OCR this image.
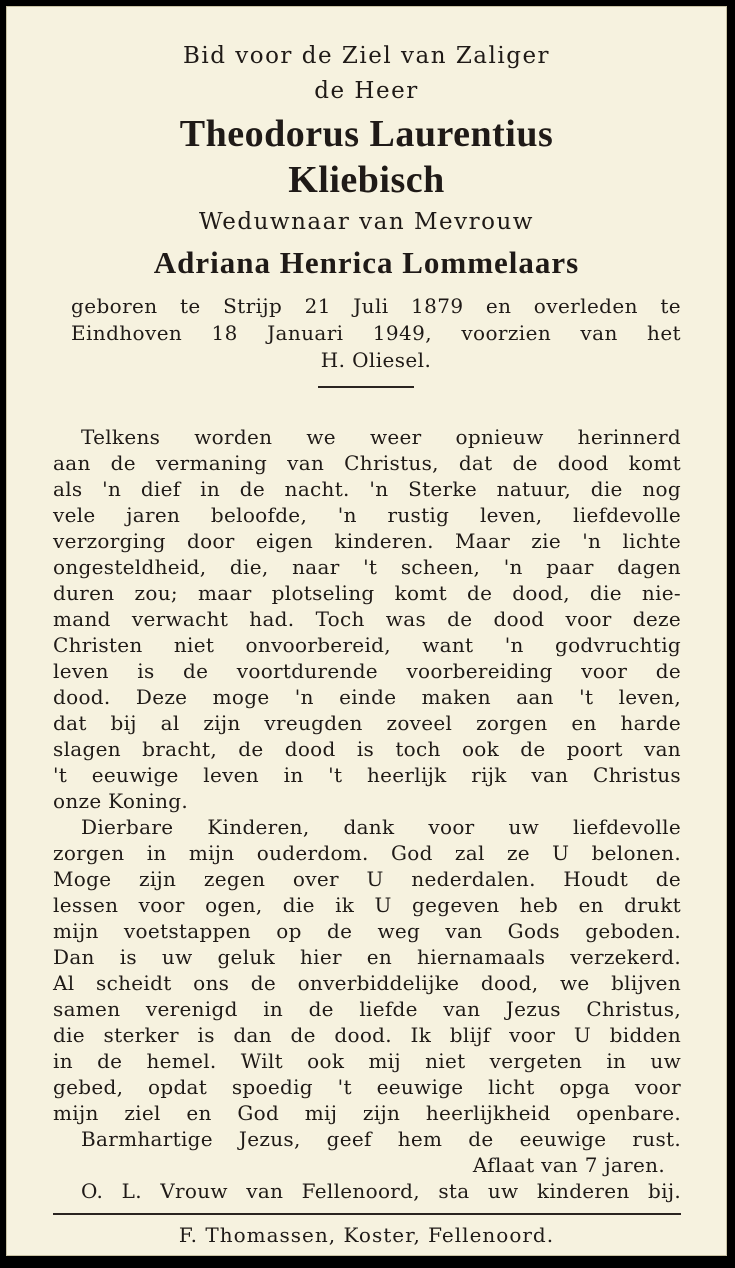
Bid voor de Ziel van Zaliger
de Heer
Theodorus Laurentius
Kliebisch
Weduwnaar van Mevrouw
Adriana Henrica Lommelaars
geboren te Strijp 21 Juli 1879 en overleden te
Eindhoven 18 Januari 1949, voorzien van het
H. Oliesel.
Telkens worden we weer opnieuw herinnerd
aan de vermaning van Christus, dat de dood komt
als 'n dief in de nacht. 'n Sterke natuur, die nog
vele jaren beloofde, 'n rustig leven, liefdevolle
verzorging door eigen kinderen. Maar zie 'n lichte
ongesteldheid, die, naar 't scheen, 'n paar dagen
duren zou; maar plotseling komt de dood, die nie-
mand verwacht had. Toch was de dood voor deze
Christen niet onvoorbereid, want 'n godvruchtig
leven is de voortdurende voorbereiding voor de
dood. Deze moge 'n einde maken aan 't leven,
dat bij al zijn vreugden zoveel zorgen en harde
slagen bracht, de dood is toch ook de poort van
't eeuwige leven in 't heerlijk rijk van Christus
onze Koning.
Dierbare Kinderen, dank voor uw liefdevolle
zorgen in mijn ouderdom. God zal ze U belonen.
Moge zijn zegen over U nederdalen. Houdt de
lessen voor ogen, die ik U gegeven heb en drukt
mijn voetstappen op de weg van Gods geboden.
Dan is uw geluk hier en hiernamaals verzekerd.
Al scheidt ons de onverbiddelijke dood, we blijven
samen verenigd in de liefde van Jezus Christus,
die sterker is dan de dood. Ik blijf voor U bidden
in de hemel. Wilt ook mij niet vergeten in uw
gebed, opdat spoedig 't eeuwige licht opga voor
mijn ziel en God mij zijn heerlijkheid openbare.
Barmhartige Jezus, geef hem de eeuwige rust.
Aflaat van 7 jaren.
O. L. Vrouw van Fellenoord, sta uw kinderen bij.
F. Thomassen, Koster, Fellenoord.
